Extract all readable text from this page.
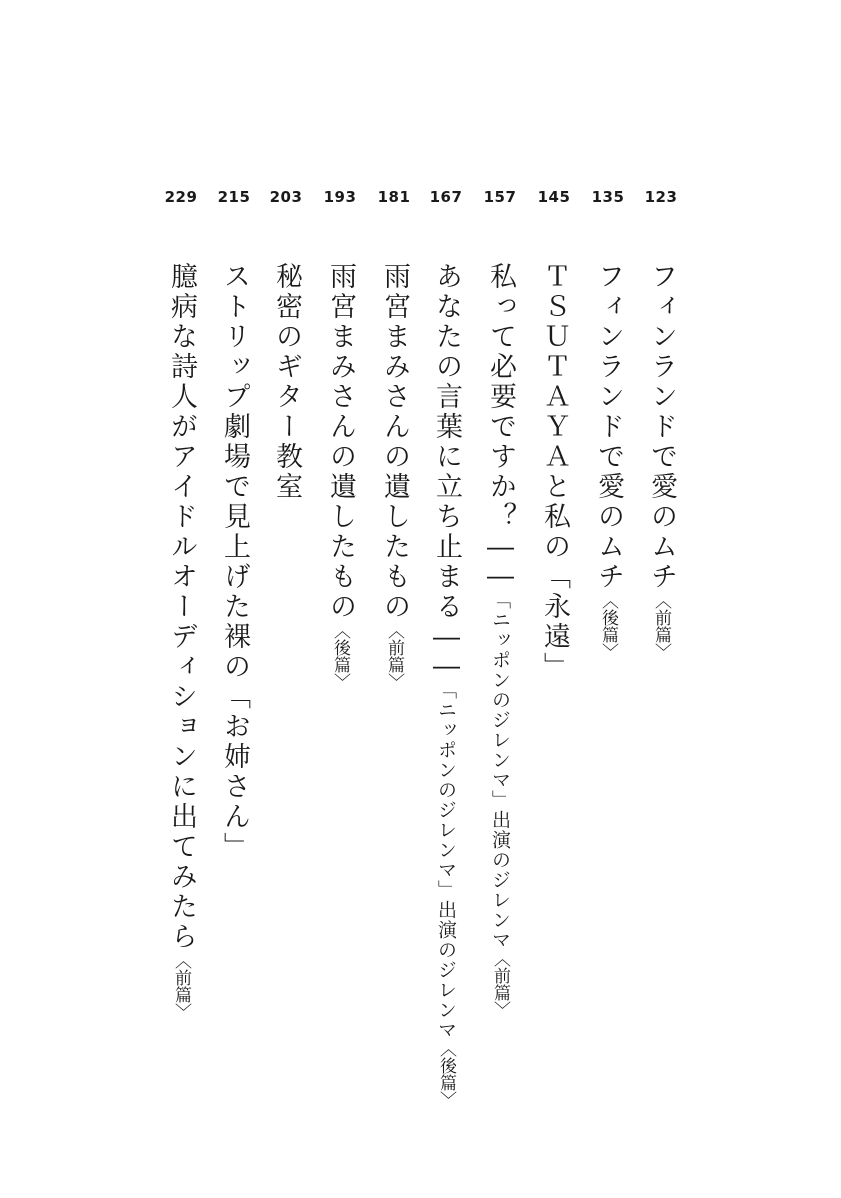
123
フィンランドで愛のムチ〈前篇〉
135
フィンランドで愛のムチ〈後篇〉
145
ＴＳＵＴＡＹＡと私の「永遠」
157
私って必要ですか？――「ニッポンのジレンマ」出演のジレンマ〈前篇〉
167
あなたの言葉に立ち止まる――「ニッポンのジレンマ」出演のジレンマ〈後篇〉
181
雨宮まみさんの遺したもの〈前篇〉
193
雨宮まみさんの遺したもの〈後篇〉
203
秘密のギター教室
215
ストリップ劇場で見上げた裸の「お姉さん」
229
臆病な詩人がアイドルオーディションに出てみたら〈前篇〉
